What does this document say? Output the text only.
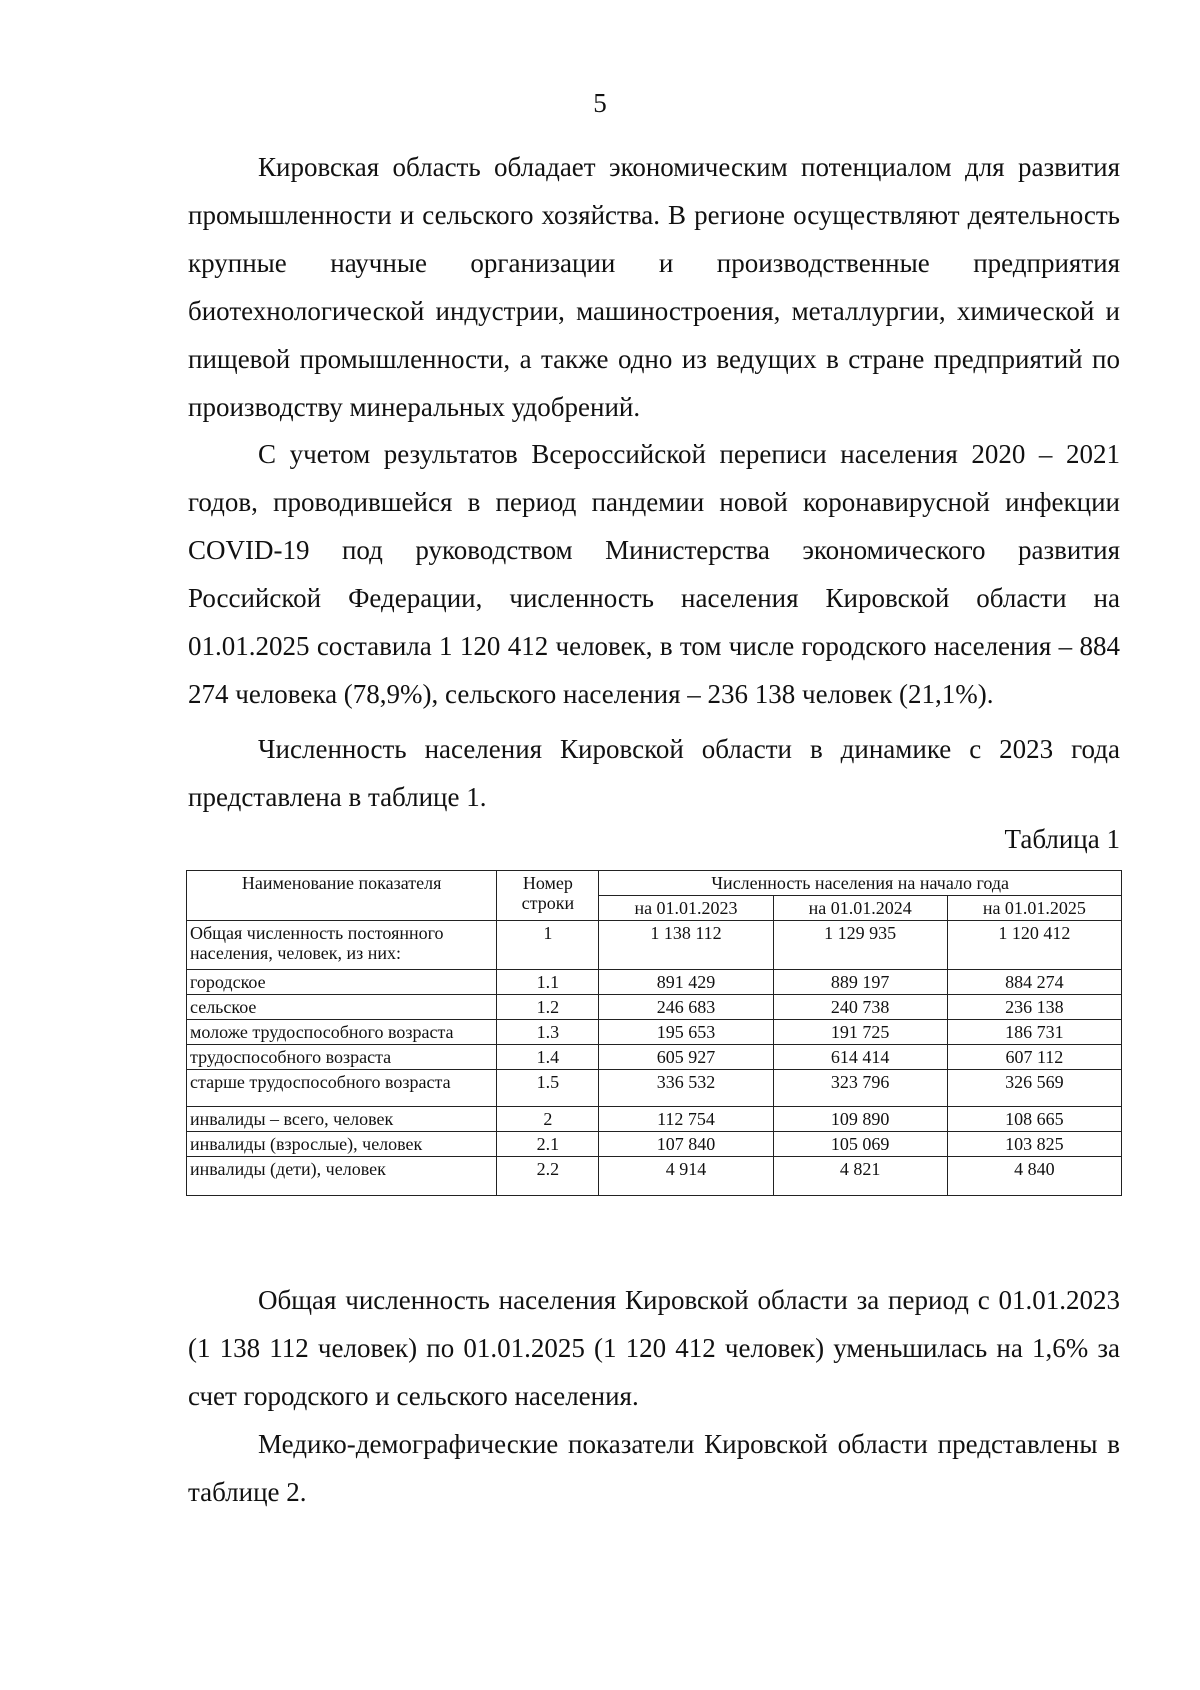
5

Кировская область обладает экономическим потенциалом для развития промышленности и сельского хозяйства. В регионе осуществляют деятельность крупные научные организации и производственные предприятия биотехнологической индустрии, машиностроения, металлургии, химической и пищевой промышленности, а также одно из ведущих в стране предприятий по производству минеральных удобрений.

С учетом результатов Всероссийской переписи населения 2020 – 2021 годов, проводившейся в период пандемии новой коронавирусной инфекции COVID-19 под руководством Министерства экономического развития Российской Федерации, численность населения Кировской области на 01.01.2025 составила 1 120 412 человек, в том числе городского населения – 884 274 человека (78,9%), сельского населения – 236 138 человек (21,1%).

Численность населения Кировской области в динамике с 2023 года представлена в таблице 1.

Таблица 1
Наименование показателя	Номер строки	Численность населения на начало года		
		на 01.01.2023	на 01.01.2024	на 01.01.2025
Общая численность постоянного населения, человек, из них:	1	1 138 112	1 129 935	1 120 412
городское	1.1	891 429	889 197	884 274
сельское	1.2	246 683	240 738	236 138
моложе трудоспособного возраста	1.3	195 653	191 725	186 731
трудоспособного возраста	1.4	605 927	614 414	607 112
старше трудоспособного возраста	1.5	336 532	323 796	326 569
инвалиды – всего, человек	2	112 754	109 890	108 665
инвалиды (взрослые), человек	2.1	107 840	105 069	103 825
инвалиды (дети), человек	2.2	4 914	4 821	4 840

Общая численность населения Кировской области за период с 01.01.2023 (1 138 112 человек) по 01.01.2025 (1 120 412 человек) уменьшилась на 1,6% за счет городского и сельского населения.

Медико-демографические показатели Кировской области представлены в таблице 2.
